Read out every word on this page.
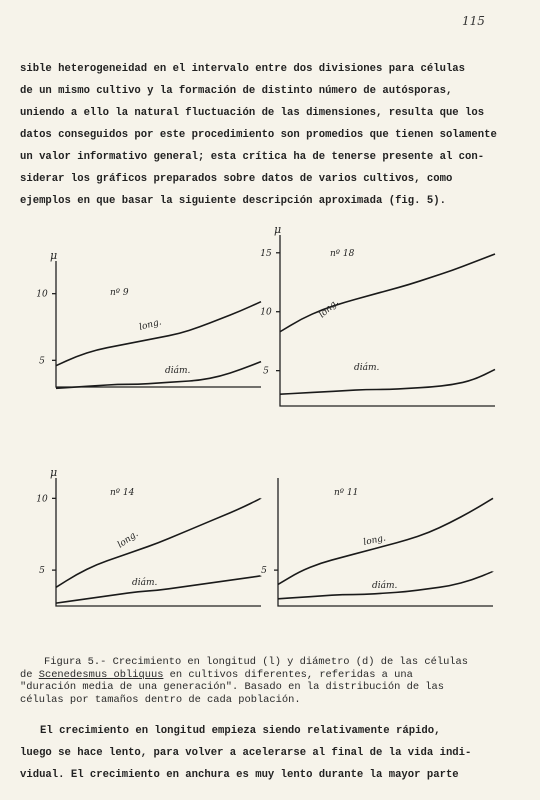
115
sible heterogeneidad en el intervalo entre dos divisiones para células
de un mismo cultivo y la formación de distinto número de autósporas,
uniendo a ello la natural fluctuación de las dimensiones, resulta que los
datos conseguidos por este procedimiento son promedios que tienen solamente
un valor informativo general; esta crítica ha de tenerse presente al con-
siderar los gráficos preparados sobre datos de varios cultivos, como
ejemplos en que basar la siguiente descripción aproximada (fig. 5).
μ
5
10	nº 9
long.
diám.
μ
5
10
15	nº 18
long.
diám.
μ
5
10
nº 14
long.
diám.
5
nº 11
long.
diám.
Figura 5.- Crecimiento en longitud (l) y diámetro (d) de las células
de Scenedesmus obliquus en cultivos diferentes, referidas a una
"duración media de una generación". Basado en la distribución de las
células por tamaños dentro de cada población.
El crecimiento en longitud empieza siendo relativamente rápido,
luego se hace lento, para volver a acelerarse al final de la vida indi-
vidual. El crecimiento en anchura es muy lento durante la mayor parte
